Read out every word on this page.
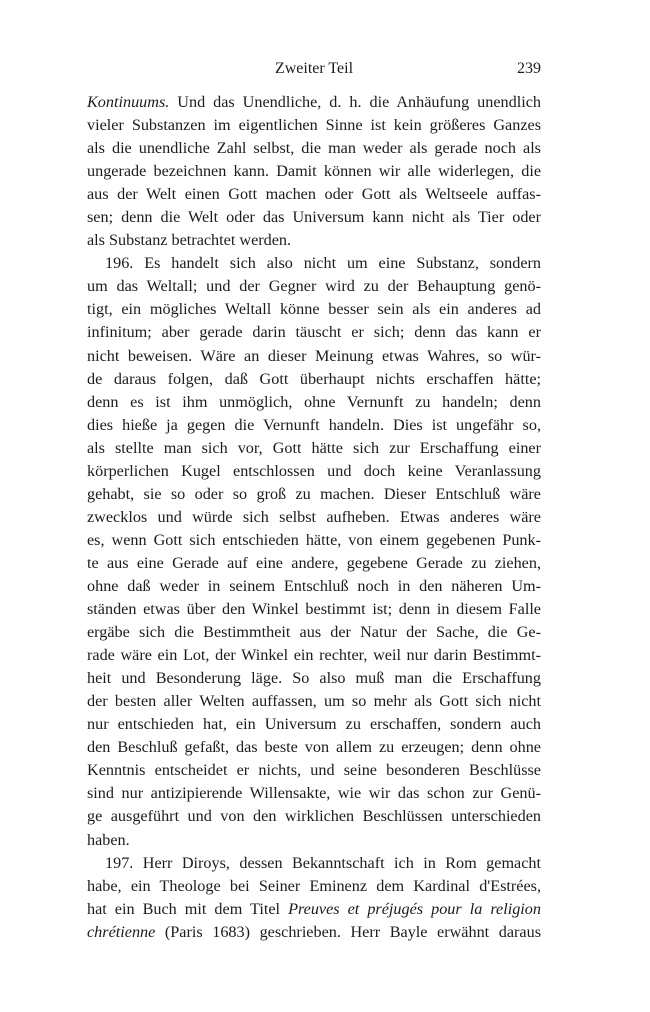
Zweiter Teil	239
Kontinuums. Und das Unendliche, d. h. die Anhäufung unendlich
vieler Substanzen im eigentlichen Sinne ist kein größeres Ganzes
als die unendliche Zahl selbst, die man weder als gerade noch als
ungerade bezeichnen kann. Damit können wir alle widerlegen, die
aus der Welt einen Gott machen oder Gott als Weltseele auffas-
sen; denn die Welt oder das Universum kann nicht als Tier oder
als Substanz betrachtet werden.
196. Es handelt sich also nicht um eine Substanz, sondern
um das Weltall; und der Gegner wird zu der Behauptung genö-
tigt, ein mögliches Weltall könne besser sein als ein anderes ad
infinitum; aber gerade darin täuscht er sich; denn das kann er
nicht beweisen. Wäre an dieser Meinung etwas Wahres, so wür-
de daraus folgen, daß Gott überhaupt nichts erschaffen hätte;
denn es ist ihm unmöglich, ohne Vernunft zu handeln; denn
dies hieße ja gegen die Vernunft handeln. Dies ist ungefähr so,
als stellte man sich vor, Gott hätte sich zur Erschaffung einer
körperlichen Kugel entschlossen und doch keine Veranlassung
gehabt, sie so oder so groß zu machen. Dieser Entschluß wäre
zwecklos und würde sich selbst aufheben. Etwas anderes wäre
es, wenn Gott sich entschieden hätte, von einem gegebenen Punk-
te aus eine Gerade auf eine andere, gegebene Gerade zu ziehen,
ohne daß weder in seinem Entschluß noch in den näheren Um-
ständen etwas über den Winkel bestimmt ist; denn in diesem Falle
ergäbe sich die Bestimmtheit aus der Natur der Sache, die Ge-
rade wäre ein Lot, der Winkel ein rechter, weil nur darin Bestimmt-
heit und Besonderung läge. So also muß man die Erschaffung
der besten aller Welten auffassen, um so mehr als Gott sich nicht
nur entschieden hat, ein Universum zu erschaffen, sondern auch
den Beschluß gefaßt, das beste von allem zu erzeugen; denn ohne
Kenntnis entscheidet er nichts, und seine besonderen Beschlüsse
sind nur antizipierende Willensakte, wie wir das schon zur Genü-
ge ausgeführt und von den wirklichen Beschlüssen unterschieden
haben.
197. Herr Diroys, dessen Bekanntschaft ich in Rom gemacht
habe, ein Theologe bei Seiner Eminenz dem Kardinal d'Estrées,
hat ein Buch mit dem Titel Preuves et préjugés pour la religion
chrétienne (Paris 1683) geschrieben. Herr Bayle erwähnt daraus
